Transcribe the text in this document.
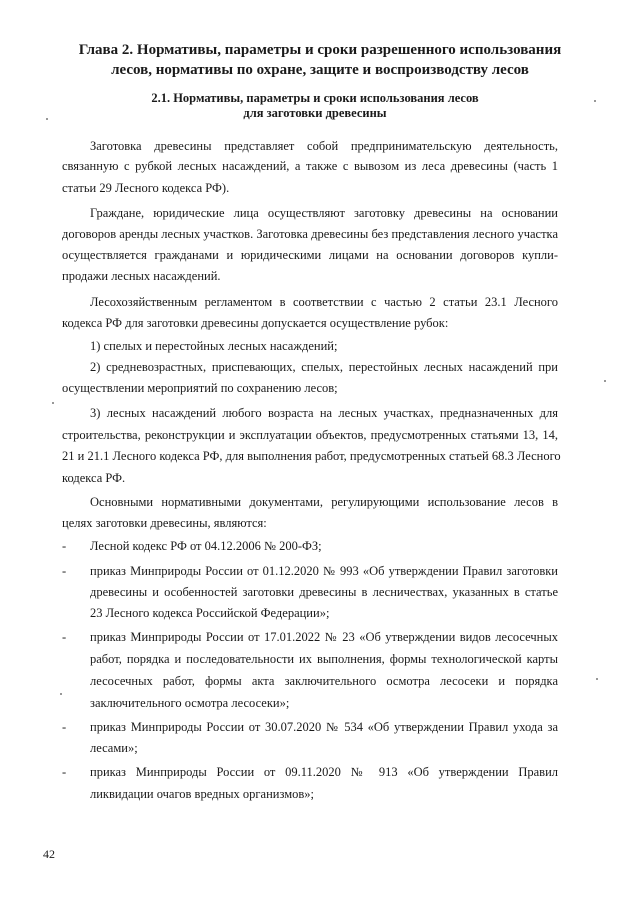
Глава 2. Нормативы, параметры и сроки разрешенного использования
лесов, нормативы по охране, защите и воспроизводству лесов
2.1. Нормативы, параметры и сроки использования лесов
для заготовки древесины
Заготовка древесины представляет собой предпринимательскую деятельность,
связанную с рубкой лесных насаждений, а также с вывозом из леса древесины (часть 1
статьи 29 Лесного кодекса РФ).
Граждане, юридические лица осуществляют заготовку древесины на основании
договоров аренды лесных участков. Заготовка древесины без представления лесного участка
осуществляется гражданами и юридическими лицами на основании договоров купли-
продажи лесных насаждений.
Лесохозяйственным регламентом в соответствии с частью 2 статьи 23.1 Лесного
кодекса РФ для заготовки древесины допускается осуществление рубок:
1) спелых и перестойных лесных насаждений;
2) средневозрастных, приспевающих, спелых, перестойных лесных насаждений при
осуществлении мероприятий по сохранению лесов;
3) лесных насаждений любого возраста на лесных участках, предназначенных для
строительства, реконструкции и эксплуатации объектов, предусмотренных статьями 13, 14,
21 и 21.1 Лесного кодекса РФ, для выполнения работ, предусмотренных статьей 68.3 Лесного
кодекса РФ.
Основными нормативными документами, регулирующими использование лесов в
целях заготовки древесины, являются:
- Лесной кодекс РФ от 04.12.2006 № 200-ФЗ;
- приказ Минприроды России от 01.12.2020 № 993 «Об утверждении Правил заготовки
древесины и особенностей заготовки древесины в лесничествах, указанных в статье
23 Лесного кодекса Российской Федерации»;
- приказ Минприроды России от 17.01.2022 № 23 «Об утверждении видов лесосечных
работ, порядка и последовательности их выполнения, формы технологической карты
лесосечных работ, формы акта заключительного осмотра лесосеки и порядка
заключительного осмотра лесосеки»;
- приказ Минприроды России от 30.07.2020 № 534 «Об утверждении Правил ухода за
лесами»;
- приказ Минприроды России от 09.11.2020 № 913 «Об утверждении Правил
ликвидации очагов вредных организмов»;
42
